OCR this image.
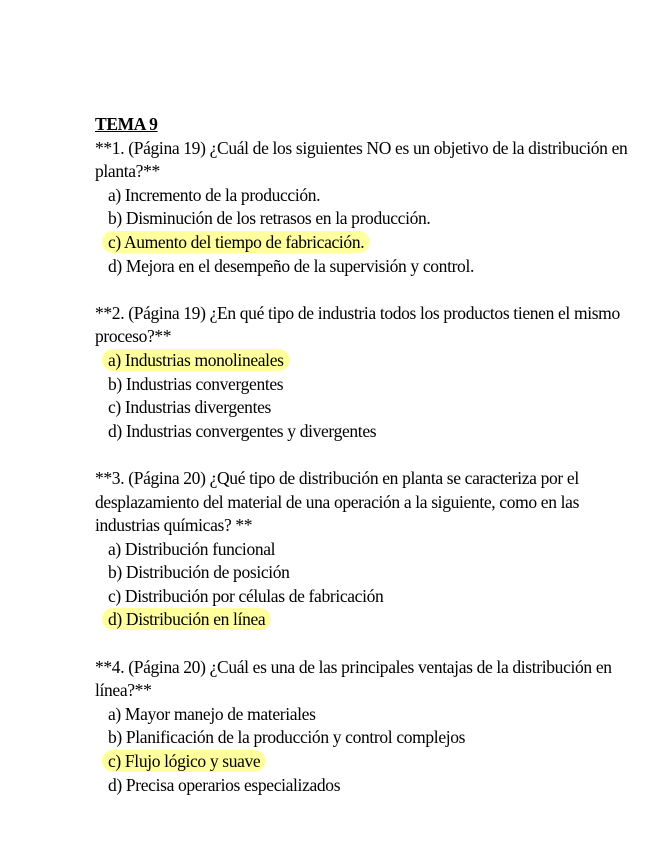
TEMA 9

**1. (Página 19) ¿Cuál de los siguientes NO es un objetivo de la distribución en planta?**

a) Incremento de la producción.
b) Disminución de los retrasos en la producción.
c) Aumento del tiempo de fabricación.
d) Mejora en el desempeño de la supervisión y control.

**2. (Página 19) ¿En qué tipo de industria todos los productos tienen el mismo proceso?**

a) Industrias monolineales
b) Industrias convergentes
c) Industrias divergentes
d) Industrias convergentes y divergentes

**3. (Página 20) ¿Qué tipo de distribución en planta se caracteriza por el desplazamiento del material de una operación a la siguiente, como en las industrias químicas? **

a) Distribución funcional
b) Distribución de posición
c) Distribución por células de fabricación
d) Distribución en línea

**4. (Página 20) ¿Cuál es una de las principales ventajas de la distribución en línea?**

a) Mayor manejo de materiales
b) Planificación de la producción y control complejos
c) Flujo lógico y suave
d) Precisa operarios especializados
